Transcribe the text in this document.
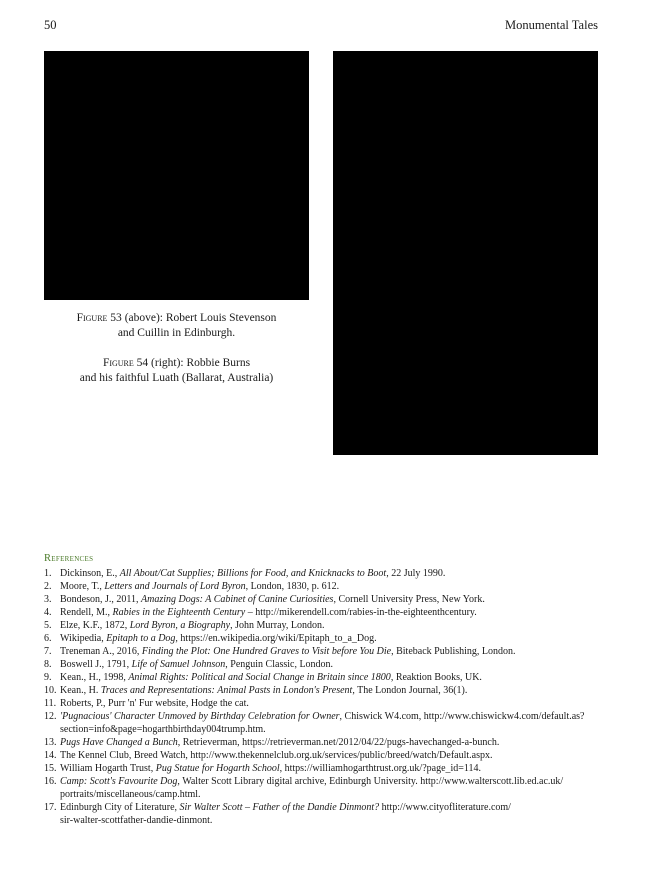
50	Monumental Tales
Figure 53 (above): Robert Louis Stevenson
and Cuillin in Edinburgh.
Figure 54 (right): Robbie Burns
and his faithful Luath (Ballarat, Australia)
References
1. Dickinson, E., All About/Cat Supplies; Billions for Food, and Knicknacks to Boot, 22 July 1990.
2. Moore, T., Letters and Journals of Lord Byron, London, 1830, p. 612.
3. Bondeson, J., 2011, Amazing Dogs: A Cabinet of Canine Curiosities, Cornell University Press, New York.
4. Rendell, M., Rabies in the Eighteenth Century – http://mikerendell.com/rabies-in-the-eighteenthcentury.
5. Elze, K.F., 1872, Lord Byron, a Biography, John Murray, London.
6. Wikipedia, Epitaph to a Dog, https://en.wikipedia.org/wiki/Epitaph_to_a_Dog.
7. Treneman A., 2016, Finding the Plot: One Hundred Graves to Visit before You Die, Biteback Publishing, London.
8. Boswell J., 1791, Life of Samuel Johnson, Penguin Classic, London.
9. Kean., H., 1998, Animal Rights: Political and Social Change in Britain since 1800, Reaktion Books, UK.
10. Kean., H. Traces and Representations: Animal Pasts in London's Present, The London Journal, 36(1).
11. Roberts, P., Purr 'n' Fur website, Hodge the cat.
12. 'Pugnacious' Character Unmoved by Birthday Celebration for Owner, Chiswick W4.com, http://www.chiswickw4.com/default.as?
section=info&page=hogarthbirthday004trump.htm.
13. Pugs Have Changed a Bunch, Retrieverman, https://retrieverman.net/2012/04/22/pugs-havechanged-a-bunch.
14. The Kennel Club, Breed Watch, http://www.thekennelclub.org.uk/services/public/breed/watch/Default.aspx.
15. William Hogarth Trust, Pug Statue for Hogarth School, https://williamhogarthtrust.org.uk/?page_id=114.
16. Camp: Scott's Favourite Dog, Walter Scott Library digital archive, Edinburgh University. http://www.walterscott.lib.ed.ac.uk/
portraits/miscellaneous/camp.html.
17. Edinburgh City of Literature, Sir Walter Scott – Father of the Dandie Dinmont? http://www.cityofliterature.com/
sir-walter-scottfather-dandie-dinmont.
